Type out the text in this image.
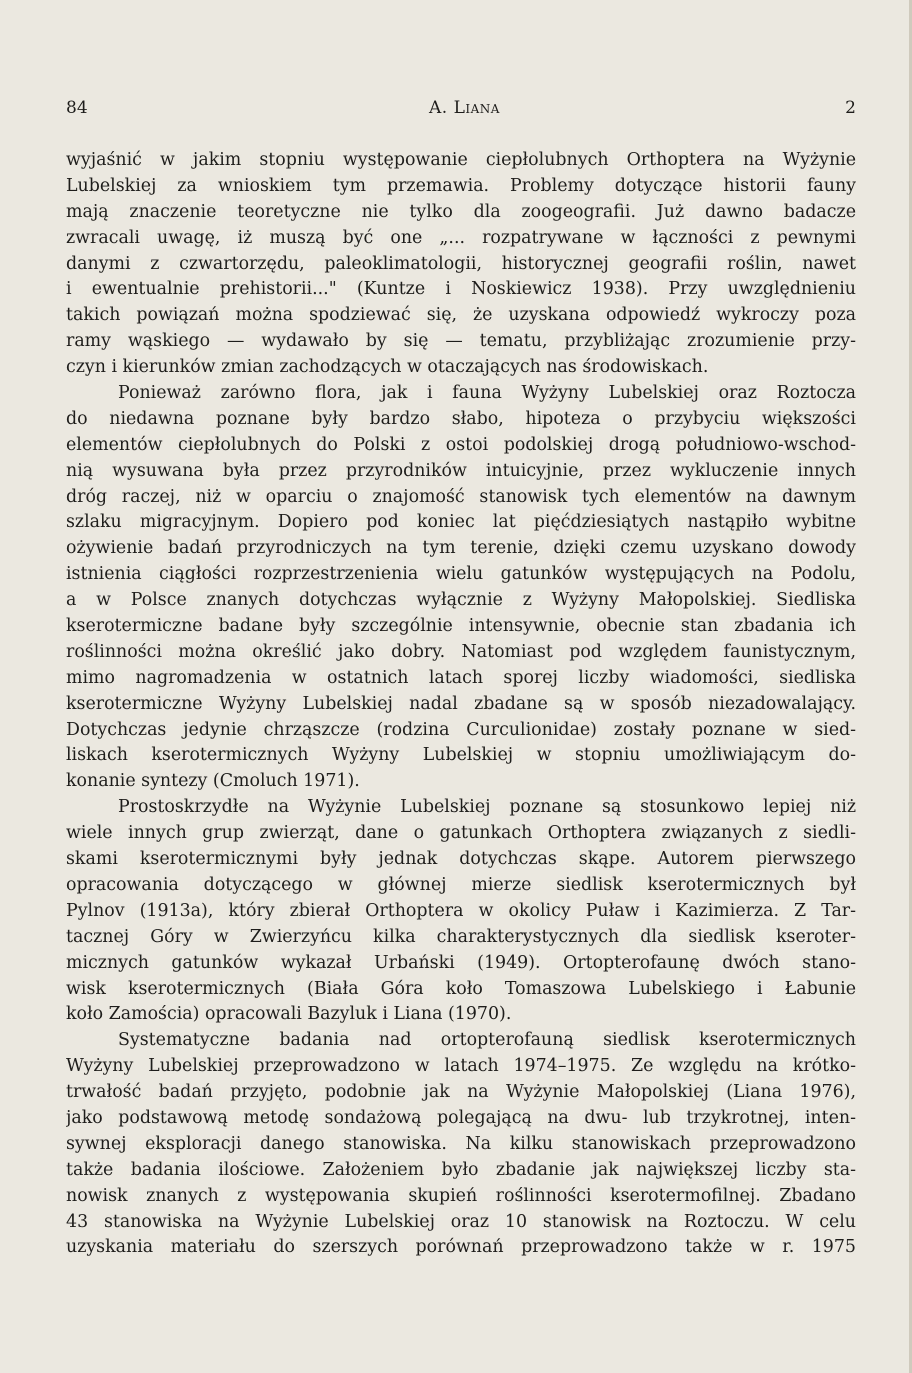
84	A. Liana	2
wyjaśnić w jakim stopniu występowanie ciepłolubnych Orthoptera na Wyżynie
Lubelskiej za wnioskiem tym przemawia. Problemy dotyczące historii fauny
mają znaczenie teoretyczne nie tylko dla zoogeografii. Już dawno badacze
zwracali uwagę, iż muszą być one „... rozpatrywane w łączności z pewnymi
danymi z czwartorzędu, paleoklimatologii, historycznej geografii roślin, nawet
i ewentualnie prehistorii..." (Kuntze i Noskiewicz 1938). Przy uwzględnieniu
takich powiązań można spodziewać się, że uzyskana odpowiedź wykroczy poza
ramy wąskiego — wydawało by się — tematu, przybliżając zrozumienie przy-
czyn i kierunków zmian zachodzących w otaczających nas środowiskach.
Ponieważ zarówno flora, jak i fauna Wyżyny Lubelskiej oraz Roztocza
do niedawna poznane były bardzo słabo, hipoteza o przybyciu większości
elementów ciepłolubnych do Polski z ostoi podolskiej drogą południowo-wschod-
nią wysuwana była przez przyrodników intuicyjnie, przez wykluczenie innych
dróg raczej, niż w oparciu o znajomość stanowisk tych elementów na dawnym
szlaku migracyjnym. Dopiero pod koniec lat pięćdziesiątych nastąpiło wybitne
ożywienie badań przyrodniczych na tym terenie, dzięki czemu uzyskano dowody
istnienia ciągłości rozprzestrzenienia wielu gatunków występujących na Podolu,
a w Polsce znanych dotychczas wyłącznie z Wyżyny Małopolskiej. Siedliska
kserotermiczne badane były szczególnie intensywnie, obecnie stan zbadania ich
roślinności można określić jako dobry. Natomiast pod względem faunistycznym,
mimo nagromadzenia w ostatnich latach sporej liczby wiadomości, siedliska
kserotermiczne Wyżyny Lubelskiej nadal zbadane są w sposób niezadowalający.
Dotychczas jedynie chrząszcze (rodzina Curculionidae) zostały poznane w sied-
liskach kserotermicznych Wyżyny Lubelskiej w stopniu umożliwiającym do-
konanie syntezy (Cmoluch 1971).
Prostoskrzydłe na Wyżynie Lubelskiej poznane są stosunkowo lepiej niż
wiele innych grup zwierząt, dane o gatunkach Orthoptera związanych z siedli-
skami kserotermicznymi były jednak dotychczas skąpe. Autorem pierwszego
opracowania dotyczącego w głównej mierze siedlisk kserotermicznych był
Pylnov (1913a), który zbierał Orthoptera w okolicy Puław i Kazimierza. Z Tar-
tacznej Góry w Zwierzyńcu kilka charakterystycznych dla siedlisk kseroter-
micznych gatunków wykazał Urbański (1949). Ortopterofaunę dwóch stano-
wisk kserotermicznych (Biała Góra koło Tomaszowa Lubelskiego i Łabunie
koło Zamościa) opracowali Bazyluk i Liana (1970).
Systematyczne badania nad ortopterofauną siedlisk kserotermicznych
Wyżyny Lubelskiej przeprowadzono w latach 1974–1975. Ze względu na krótko-
trwałość badań przyjęto, podobnie jak na Wyżynie Małopolskiej (Liana 1976),
jako podstawową metodę sondażową polegającą na dwu- lub trzykrotnej, inten-
sywnej eksploracji danego stanowiska. Na kilku stanowiskach przeprowadzono
także badania ilościowe. Założeniem było zbadanie jak największej liczby sta-
nowisk znanych z występowania skupień roślinności kserotermofilnej. Zbadano
43 stanowiska na Wyżynie Lubelskiej oraz 10 stanowisk na Roztoczu. W celu
uzyskania materiału do szerszych porównań przeprowadzono także w r. 1975
